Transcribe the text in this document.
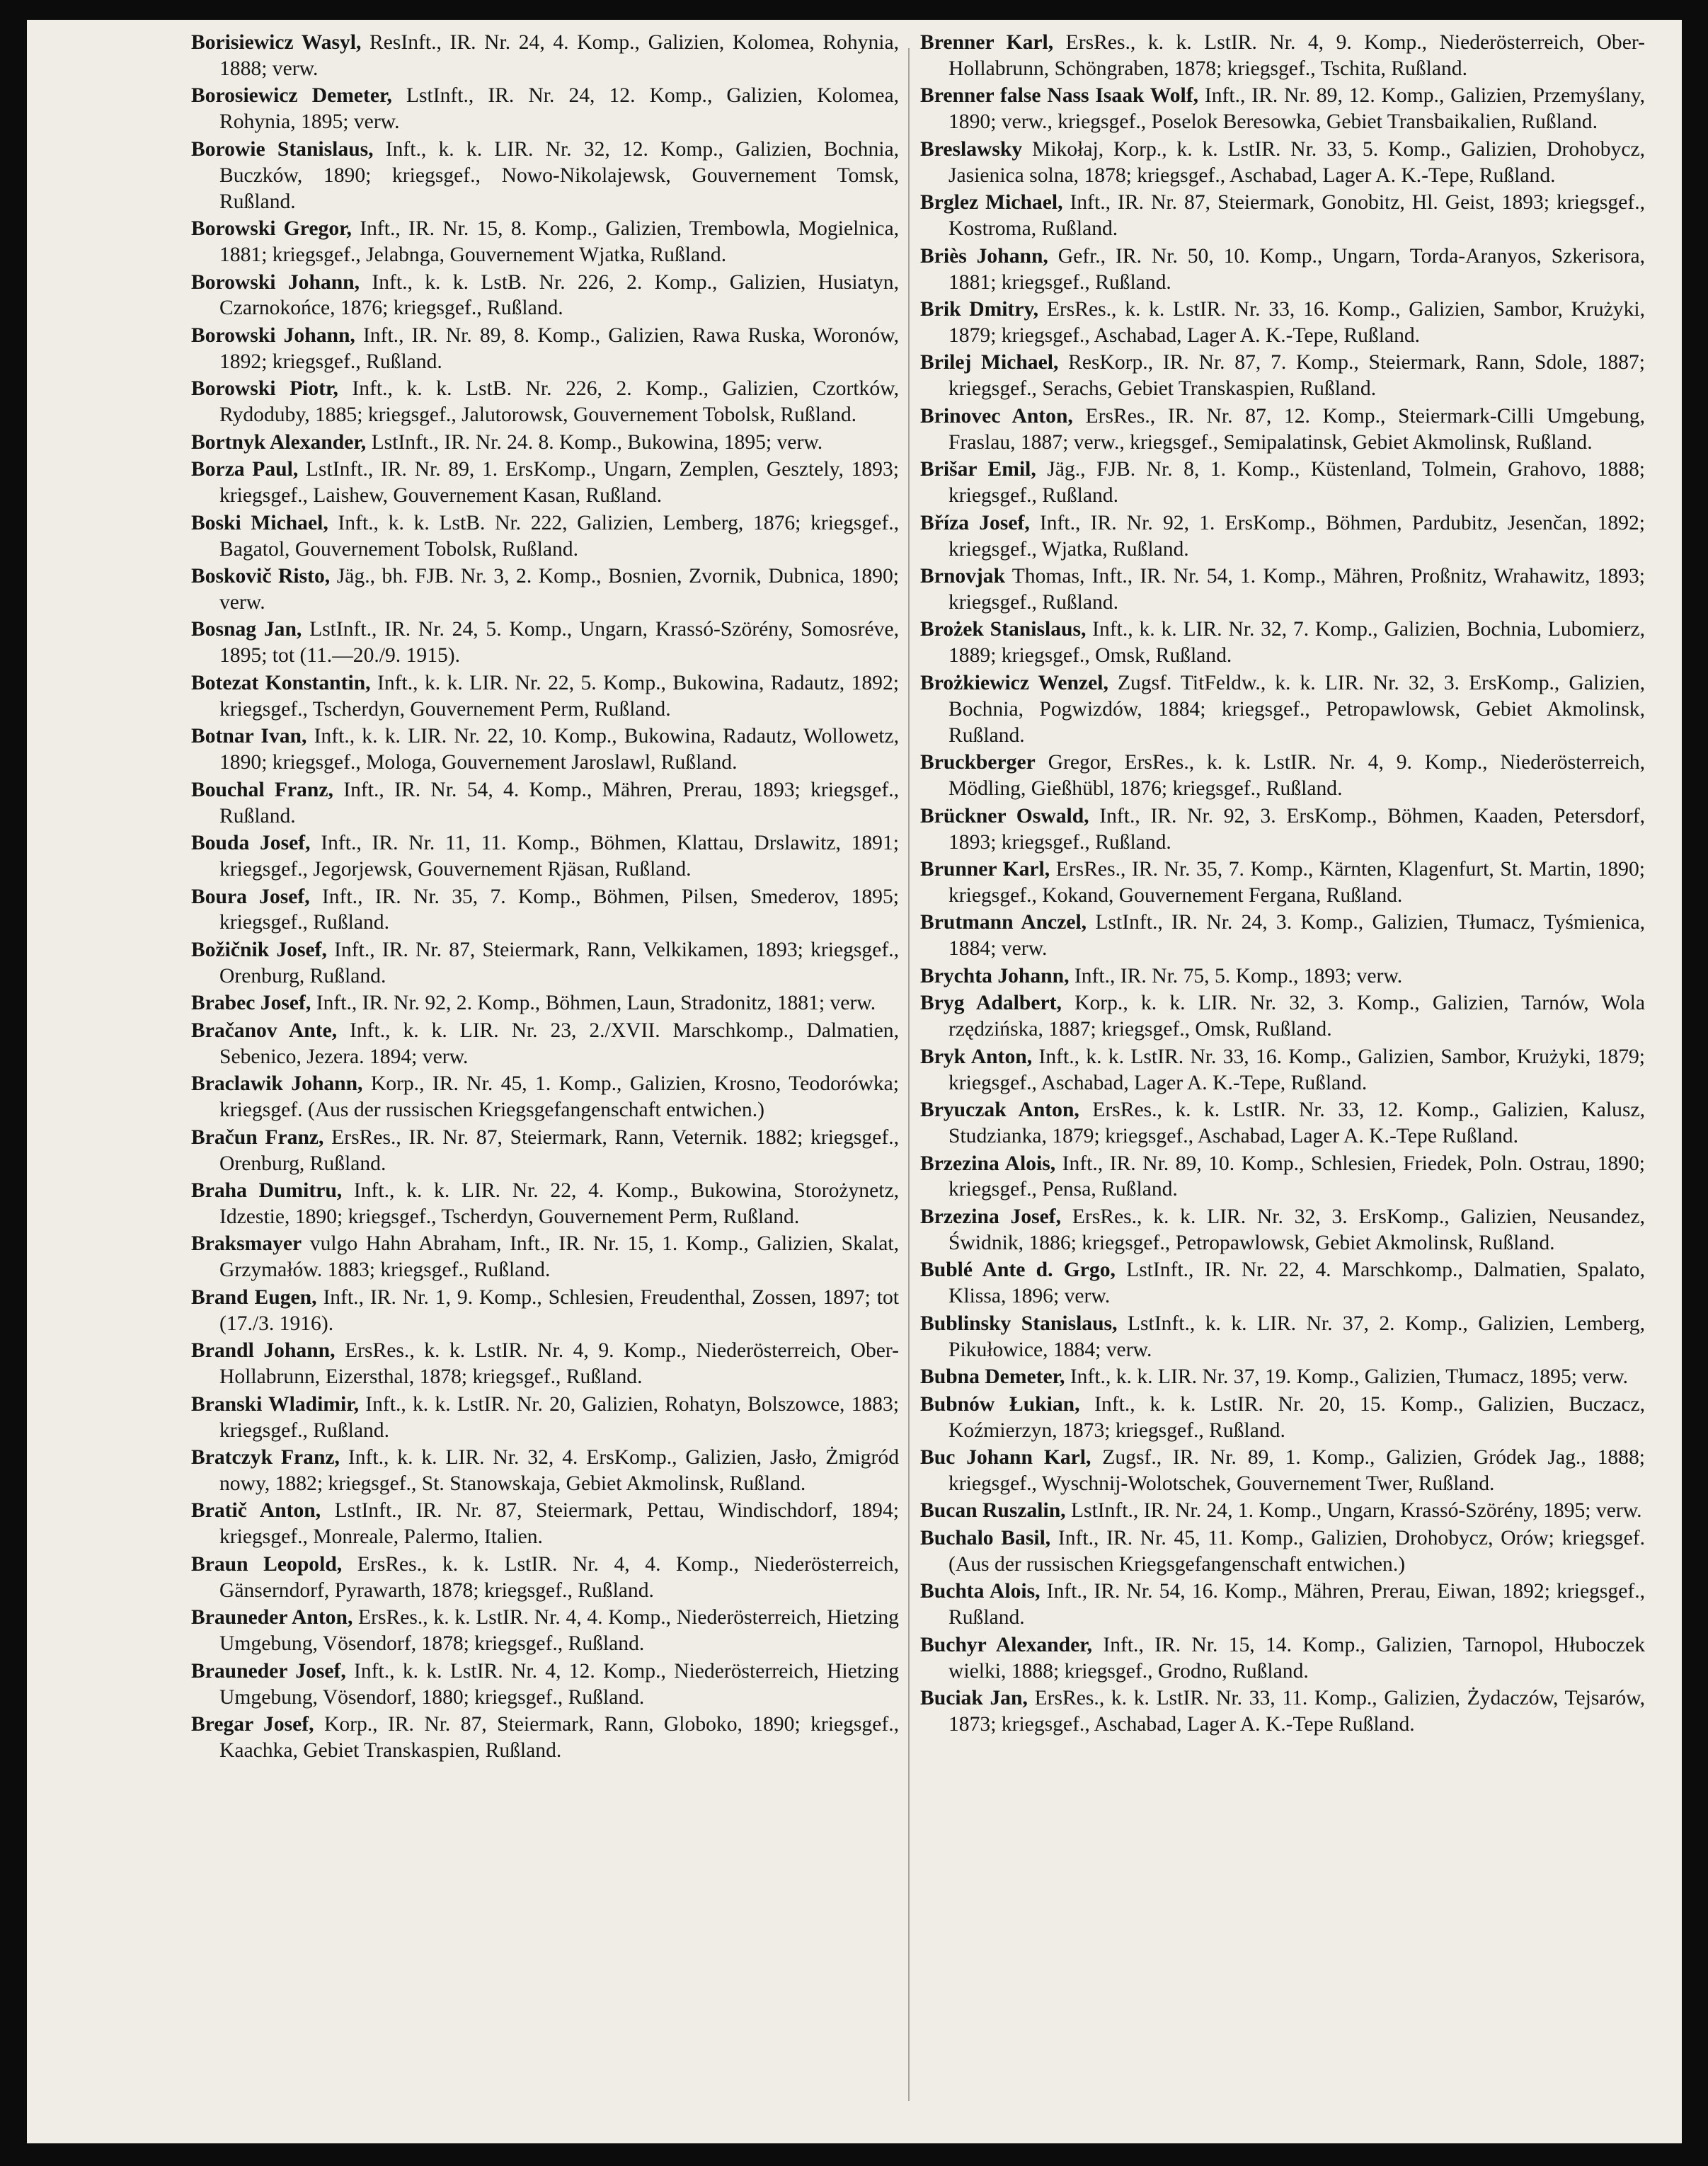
Borisiewicz Wasyl, ResInft., IR. Nr. 24, 4. Komp., Galizien, Kolomea, Rohynia, 1888; verw.

Borosiewicz Demeter, LstInft., IR. Nr. 24, 12. Komp., Galizien, Kolomea, Rohynia, 1895; verw.

Borowie Stanislaus, Inft., k. k. LIR. Nr. 32, 12. Komp., Galizien, Bochnia, Buczków, 1890; kriegsgef., Nowo-Nikolajewsk, Gouvernement Tomsk, Rußland.

Borowski Gregor, Inft., IR. Nr. 15, 8. Komp., Galizien, Trembowla, Mogielnica, 1881; kriegsgef., Jelabnga, Gouvernement Wjatka, Rußland.

Borowski Johann, Inft., k. k. LstB. Nr. 226, 2. Komp., Galizien, Husiatyn, Czarnokońce, 1876; kriegsgef., Rußland.

Borowski Johann, Inft., IR. Nr. 89, 8. Komp., Galizien, Rawa Ruska, Woronów, 1892; kriegsgef., Rußland.

Borowski Piotr, Inft., k. k. LstB. Nr. 226, 2. Komp., Galizien, Czortków, Rydoduby, 1885; kriegsgef., Jalutorowsk, Gouvernement Tobolsk, Rußland.

Bortnyk Alexander, LstInft., IR. Nr. 24. 8. Komp., Bukowina, 1895; verw.

Borza Paul, LstInft., IR. Nr. 89, 1. ErsKomp., Ungarn, Zemplen, Gesztely, 1893; kriegsgef., Laishew, Gouvernement Kasan, Rußland.

Boski Michael, Inft., k. k. LstB. Nr. 222, Galizien, Lemberg, 1876; kriegsgef., Bagatol, Gouvernement Tobolsk, Rußland.

Boskovič Risto, Jäg., bh. FJB. Nr. 3, 2. Komp., Bosnien, Zvornik, Dubnica, 1890; verw.

Bosnag Jan, LstInft., IR. Nr. 24, 5. Komp., Ungarn, Krassó-Szörény, Somosréve, 1895; tot (11.—20./9. 1915).

Botezat Konstantin, Inft., k. k. LIR. Nr. 22, 5. Komp., Bukowina, Radautz, 1892; kriegsgef., Tscherdyn, Gouvernement Perm, Rußland.

Botnar Ivan, Inft., k. k. LIR. Nr. 22, 10. Komp., Bukowina, Radautz, Wollowetz, 1890; kriegsgef., Mologa, Gouvernement Jaroslawl, Rußland.

Bouchal Franz, Inft., IR. Nr. 54, 4. Komp., Mähren, Prerau, 1893; kriegsgef., Rußland.

Bouda Josef, Inft., IR. Nr. 11, 11. Komp., Böhmen, Klattau, Drslawitz, 1891; kriegsgef., Jegorjewsk, Gouvernement Rjäsan, Rußland.

Boura Josef, Inft., IR. Nr. 35, 7. Komp., Böhmen, Pilsen, Smederov, 1895; kriegsgef., Rußland.

Božičnik Josef, Inft., IR. Nr. 87, Steiermark, Rann, Velkikamen, 1893; kriegsgef., Orenburg, Rußland.

Brabec Josef, Inft., IR. Nr. 92, 2. Komp., Böhmen, Laun, Stradonitz, 1881; verw.

Bračanov Ante, Inft., k. k. LIR. Nr. 23, 2./XVII. Marschkomp., Dalmatien, Sebenico, Jezera. 1894; verw.

Braclawik Johann, Korp., IR. Nr. 45, 1. Komp., Galizien, Krosno, Teodorówka; kriegsgef. (Aus der russischen Kriegsgefangenschaft entwichen.)

Bračun Franz, ErsRes., IR. Nr. 87, Steiermark, Rann, Veternik. 1882; kriegsgef., Orenburg, Rußland.

Braha Dumitru, Inft., k. k. LIR. Nr. 22, 4. Komp., Bukowina, Storożynetz, Idzestie, 1890; kriegsgef., Tscherdyn, Gouvernement Perm, Rußland.

Braksmayer vulgo Hahn Abraham, Inft., IR. Nr. 15, 1. Komp., Galizien, Skalat, Grzymałów. 1883; kriegsgef., Rußland.

Brand Eugen, Inft., IR. Nr. 1, 9. Komp., Schlesien, Freudenthal, Zossen, 1897; tot (17./3. 1916).

Brandl Johann, ErsRes., k. k. LstIR. Nr. 4, 9. Komp., Niederösterreich, Ober-Hollabrunn, Eizersthal, 1878; kriegsgef., Rußland.

Branski Wladimir, Inft., k. k. LstIR. Nr. 20, Galizien, Rohatyn, Bolszowce, 1883; kriegsgef., Rußland.

Bratczyk Franz, Inft., k. k. LIR. Nr. 32, 4. ErsKomp., Galizien, Jasło, Żmigród nowy, 1882; kriegsgef., St. Stanowskaja, Gebiet Akmolinsk, Rußland.

Bratič Anton, LstInft., IR. Nr. 87, Steiermark, Pettau, Windischdorf, 1894; kriegsgef., Monreale, Palermo, Italien.

Braun Leopold, ErsRes., k. k. LstIR. Nr. 4, 4. Komp., Niederösterreich, Gänserndorf, Pyrawarth, 1878; kriegsgef., Rußland.

Brauneder Anton, ErsRes., k. k. LstIR. Nr. 4, 4. Komp., Niederösterreich, Hietzing Umgebung, Vösendorf, 1878; kriegsgef., Rußland.

Brauneder Josef, Inft., k. k. LstIR. Nr. 4, 12. Komp., Niederösterreich, Hietzing Umgebung, Vösendorf, 1880; kriegsgef., Rußland.

Bregar Josef, Korp., IR. Nr. 87, Steiermark, Rann, Globoko, 1890; kriegsgef., Kaachka, Gebiet Transkaspien, Rußland.

Brenner Karl, ErsRes., k. k. LstIR. Nr. 4, 9. Komp., Niederösterreich, Ober-Hollabrunn, Schöngraben, 1878; kriegsgef., Tschita, Rußland.

Brenner false Nass Isaak Wolf, Inft., IR. Nr. 89, 12. Komp., Galizien, Przemyślany, 1890; verw., kriegsgef., Poselok Beresowka, Gebiet Transbaikalien, Rußland.

Breslawsky Mikołaj, Korp., k. k. LstIR. Nr. 33, 5. Komp., Galizien, Drohobycz, Jasienica solna, 1878; kriegsgef., Aschabad, Lager A. K.-Tepe, Rußland.

Brglez Michael, Inft., IR. Nr. 87, Steiermark, Gonobitz, Hl. Geist, 1893; kriegsgef., Kostroma, Rußland.

Briès Johann, Gefr., IR. Nr. 50, 10. Komp., Ungarn, Torda-Aranyos, Szkerisora, 1881; kriegsgef., Rußland.

Brik Dmitry, ErsRes., k. k. LstIR. Nr. 33, 16. Komp., Galizien, Sambor, Krużyki, 1879; kriegsgef., Aschabad, Lager A. K.-Tepe, Rußland.

Brilej Michael, ResKorp., IR. Nr. 87, 7. Komp., Steiermark, Rann, Sdole, 1887; kriegsgef., Serachs, Gebiet Transkaspien, Rußland.

Brinovec Anton, ErsRes., IR. Nr. 87, 12. Komp., Steiermark-Cilli Umgebung, Fraslau, 1887; verw., kriegsgef., Semipalatinsk, Gebiet Akmolinsk, Rußland.

Brišar Emil, Jäg., FJB. Nr. 8, 1. Komp., Küstenland, Tolmein, Grahovo, 1888; kriegsgef., Rußland.

Bříza Josef, Inft., IR. Nr. 92, 1. ErsKomp., Böhmen, Pardubitz, Jesenčan, 1892; kriegsgef., Wjatka, Rußland.

Brnovjak Thomas, Inft., IR. Nr. 54, 1. Komp., Mähren, Proßnitz, Wrahawitz, 1893; kriegsgef., Rußland.

Brożek Stanislaus, Inft., k. k. LIR. Nr. 32, 7. Komp., Galizien, Bochnia, Lubomierz, 1889; kriegsgef., Omsk, Rußland.

Brożkiewicz Wenzel, Zugsf. TitFeldw., k. k. LIR. Nr. 32, 3. ErsKomp., Galizien, Bochnia, Pogwizdów, 1884; kriegsgef., Petropawlowsk, Gebiet Akmolinsk, Rußland.

Bruckberger Gregor, ErsRes., k. k. LstIR. Nr. 4, 9. Komp., Niederösterreich, Mödling, Gießhübl, 1876; kriegsgef., Rußland.

Brückner Oswald, Inft., IR. Nr. 92, 3. ErsKomp., Böhmen, Kaaden, Petersdorf, 1893; kriegsgef., Rußland.

Brunner Karl, ErsRes., IR. Nr. 35, 7. Komp., Kärnten, Klagenfurt, St. Martin, 1890; kriegsgef., Kokand, Gouvernement Fergana, Rußland.

Brutmann Anczel, LstInft., IR. Nr. 24, 3. Komp., Galizien, Tłumacz, Tyśmienica, 1884; verw.

Brychta Johann, Inft., IR. Nr. 75, 5. Komp., 1893; verw.

Bryg Adalbert, Korp., k. k. LIR. Nr. 32, 3. Komp., Galizien, Tarnów, Wola rzędzińska, 1887; kriegsgef., Omsk, Rußland.

Bryk Anton, Inft., k. k. LstIR. Nr. 33, 16. Komp., Galizien, Sambor, Krużyki, 1879; kriegsgef., Aschabad, Lager A. K.-Tepe, Rußland.

Bryuczak Anton, ErsRes., k. k. LstIR. Nr. 33, 12. Komp., Galizien, Kalusz, Studzianka, 1879; kriegsgef., Aschabad, Lager A. K.-Tepe Rußland.

Brzezina Alois, Inft., IR. Nr. 89, 10. Komp., Schlesien, Friedek, Poln. Ostrau, 1890; kriegsgef., Pensa, Rußland.

Brzezina Josef, ErsRes., k. k. LIR. Nr. 32, 3. ErsKomp., Galizien, Neusandez, Świdnik, 1886; kriegsgef., Petropawlowsk, Gebiet Akmolinsk, Rußland.

Bublé Ante d. Grgo, LstInft., IR. Nr. 22, 4. Marschkomp., Dalmatien, Spalato, Klissa, 1896; verw.

Bublinsky Stanislaus, LstInft., k. k. LIR. Nr. 37, 2. Komp., Galizien, Lemberg, Pikułowice, 1884; verw.

Bubna Demeter, Inft., k. k. LIR. Nr. 37, 19. Komp., Galizien, Tłumacz, 1895; verw.

Bubnów Łukian, Inft., k. k. LstIR. Nr. 20, 15. Komp., Galizien, Buczacz, Koźmierzyn, 1873; kriegsgef., Rußland.

Buc Johann Karl, Zugsf., IR. Nr. 89, 1. Komp., Galizien, Gródek Jag., 1888; kriegsgef., Wyschnij-Wolotschek, Gouvernement Twer, Rußland.

Bucan Ruszalin, LstInft., IR. Nr. 24, 1. Komp., Ungarn, Krassó-Szörény, 1895; verw.

Buchalo Basil, Inft., IR. Nr. 45, 11. Komp., Galizien, Drohobycz, Orów; kriegsgef. (Aus der russischen Kriegsgefangenschaft entwichen.)

Buchta Alois, Inft., IR. Nr. 54, 16. Komp., Mähren, Prerau, Eiwan, 1892; kriegsgef., Rußland.

Buchyr Alexander, Inft., IR. Nr. 15, 14. Komp., Galizien, Tarnopol, Hłuboczek wielki, 1888; kriegsgef., Grodno, Rußland.

Buciak Jan, ErsRes., k. k. LstIR. Nr. 33, 11. Komp., Galizien, Żydaczów, Tejsarów, 1873; kriegsgef., Aschabad, Lager A. K.-Tepe Rußland.
